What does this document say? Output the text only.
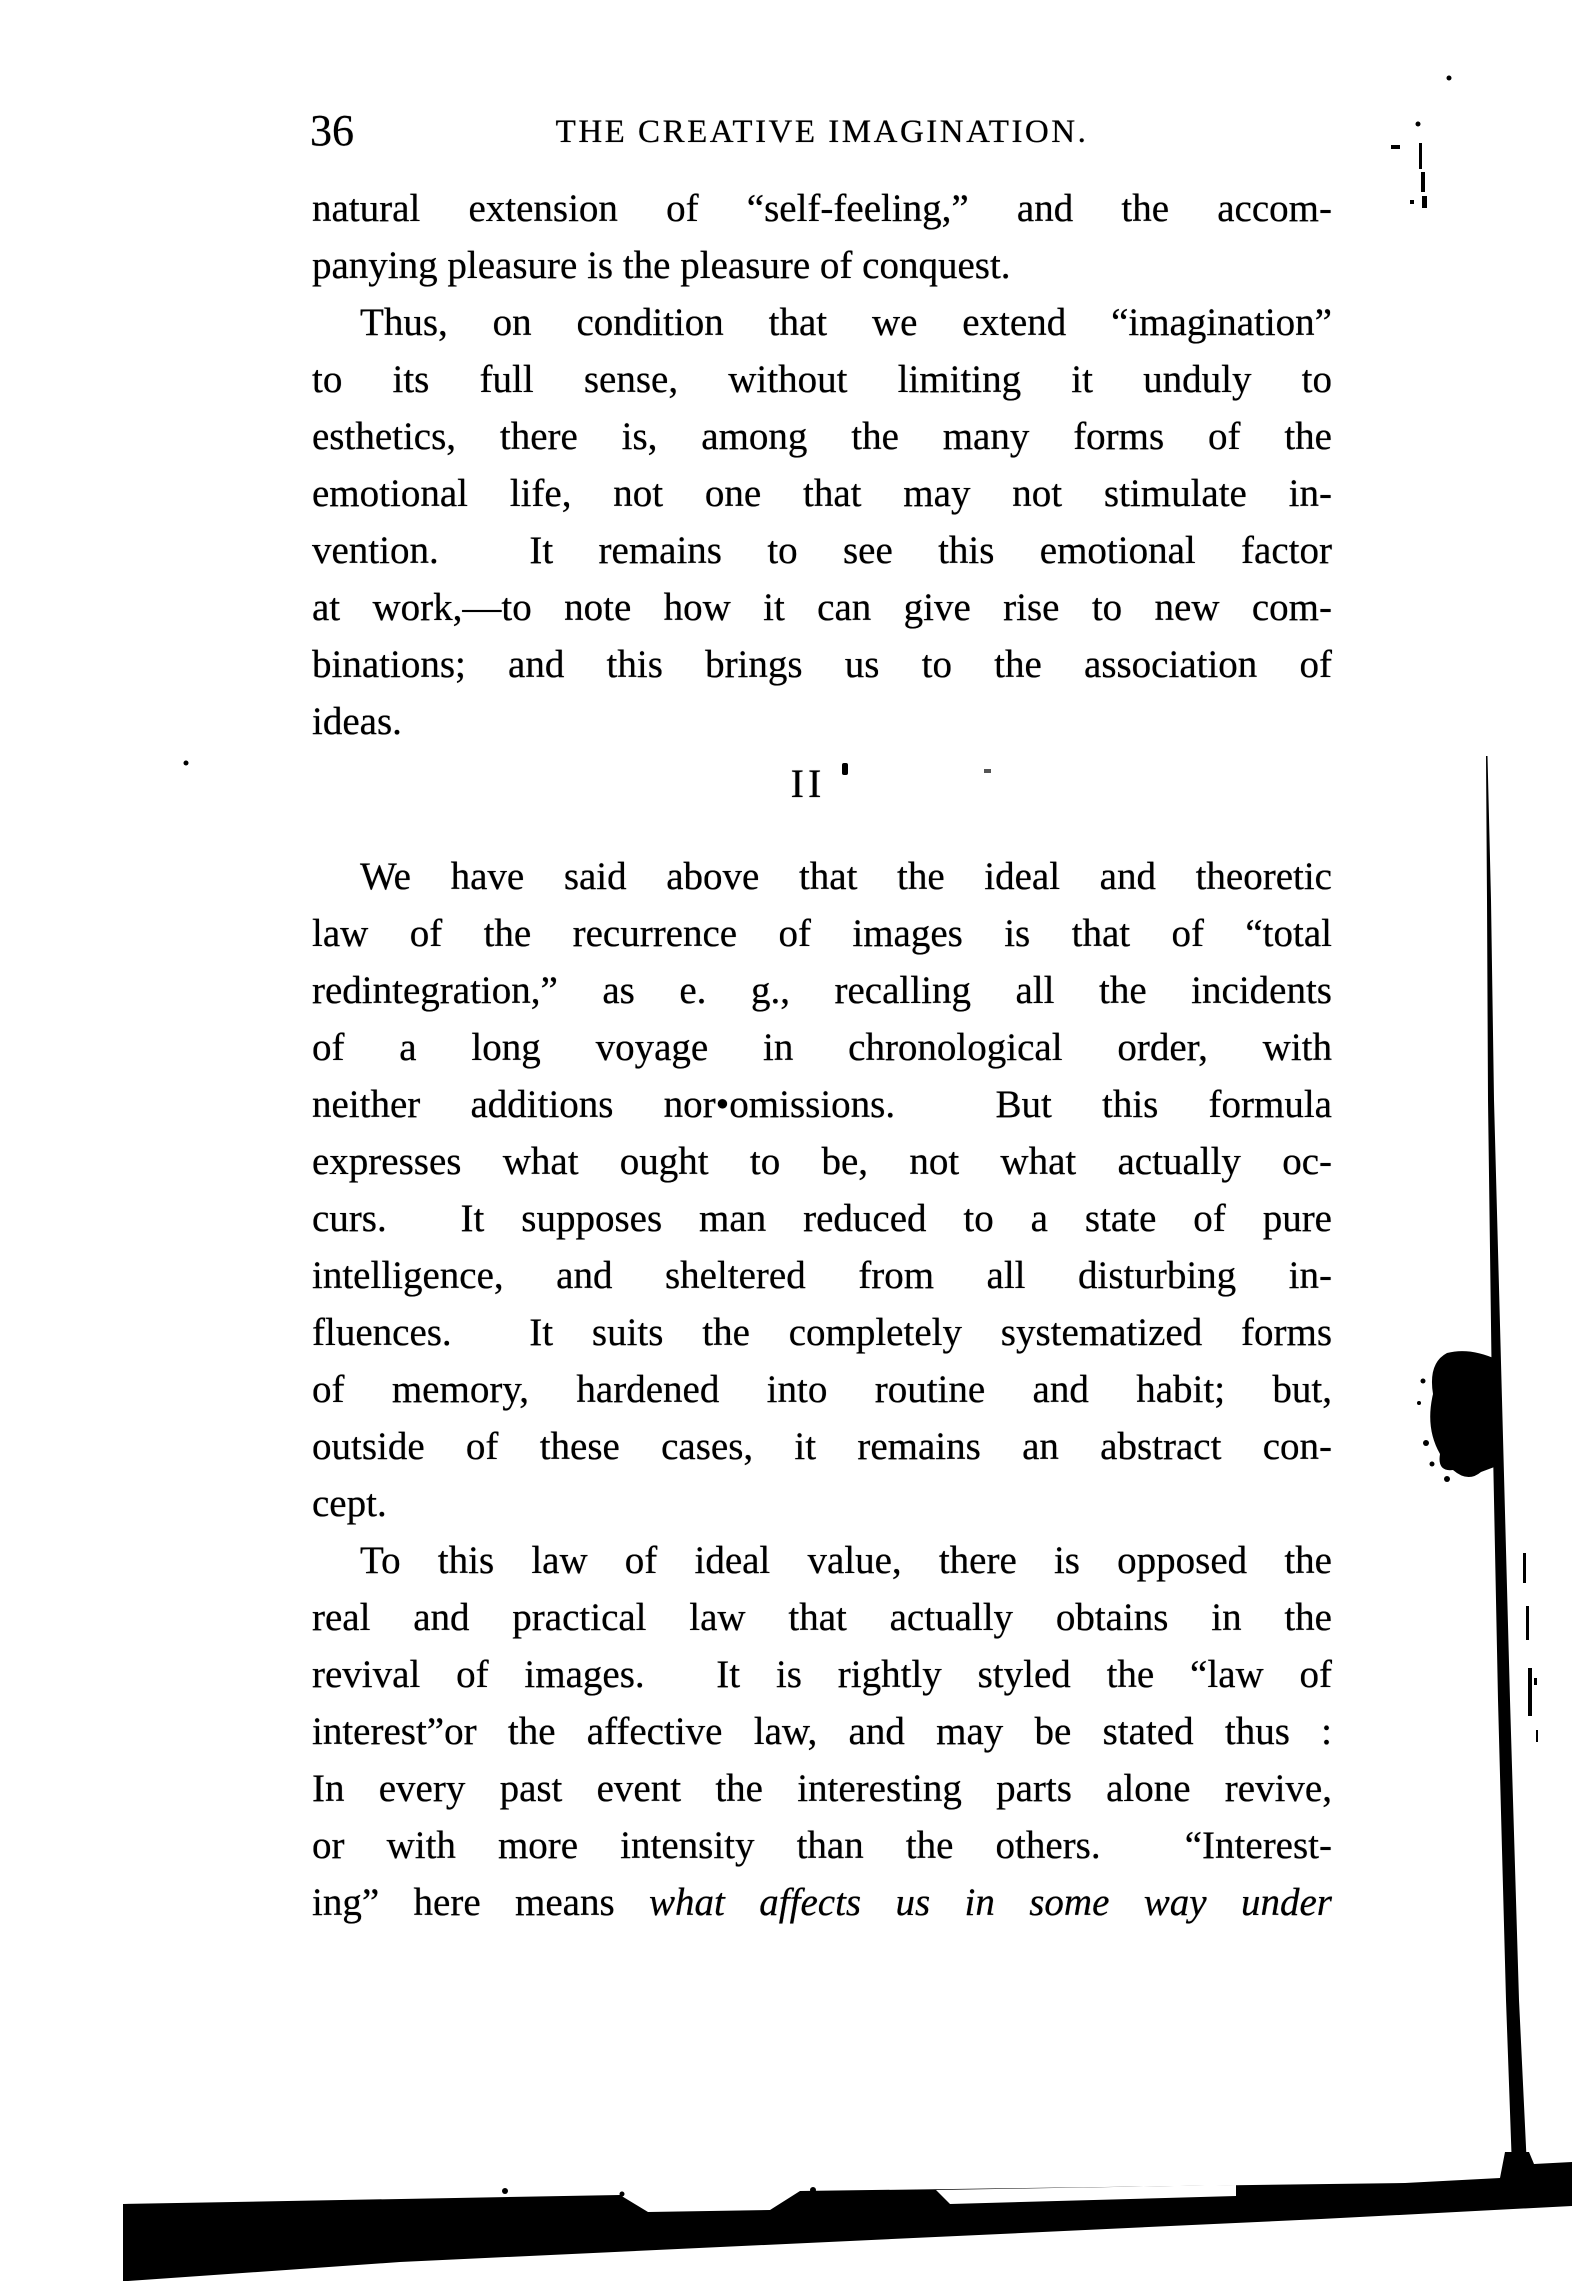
36	THE CREATIVE IMAGINATION.
natural extension of “self-feeling,” and the accom-
panying pleasure is the pleasure of conquest.
Thus, on condition that we extend “imagination”
to its full sense, without limiting it unduly to
esthetics, there is, among the many forms of the
emotional life, not one that may not stimulate in-
vention.  It remains to see this emotional factor
at work,—to note how it can give rise to new com-
binations; and this brings us to the association of
ideas.
II
We have said above that the ideal and theoretic
law of the recurrence of images is that of “total
redintegration,” as e. g., recalling all the incidents
of a long voyage in chronological order, with
neither additions nor•omissions.  But this formula
expresses what ought to be, not what actually oc-
curs.  It supposes man reduced to a state of pure
intelligence, and sheltered from all disturbing in-
fluences.  It suits the completely systematized forms
of memory, hardened into routine and habit; but,
outside of these cases, it remains an abstract con-
cept.
To this law of ideal value, there is opposed the
real and practical law that actually obtains in the
revival of images.  It is rightly styled the “law of
interest”or the affective law, and may be stated thus :
In every past event the interesting parts alone revive,
or with more intensity than the others.  “Interest-
ing” here means what affects us in some way under
